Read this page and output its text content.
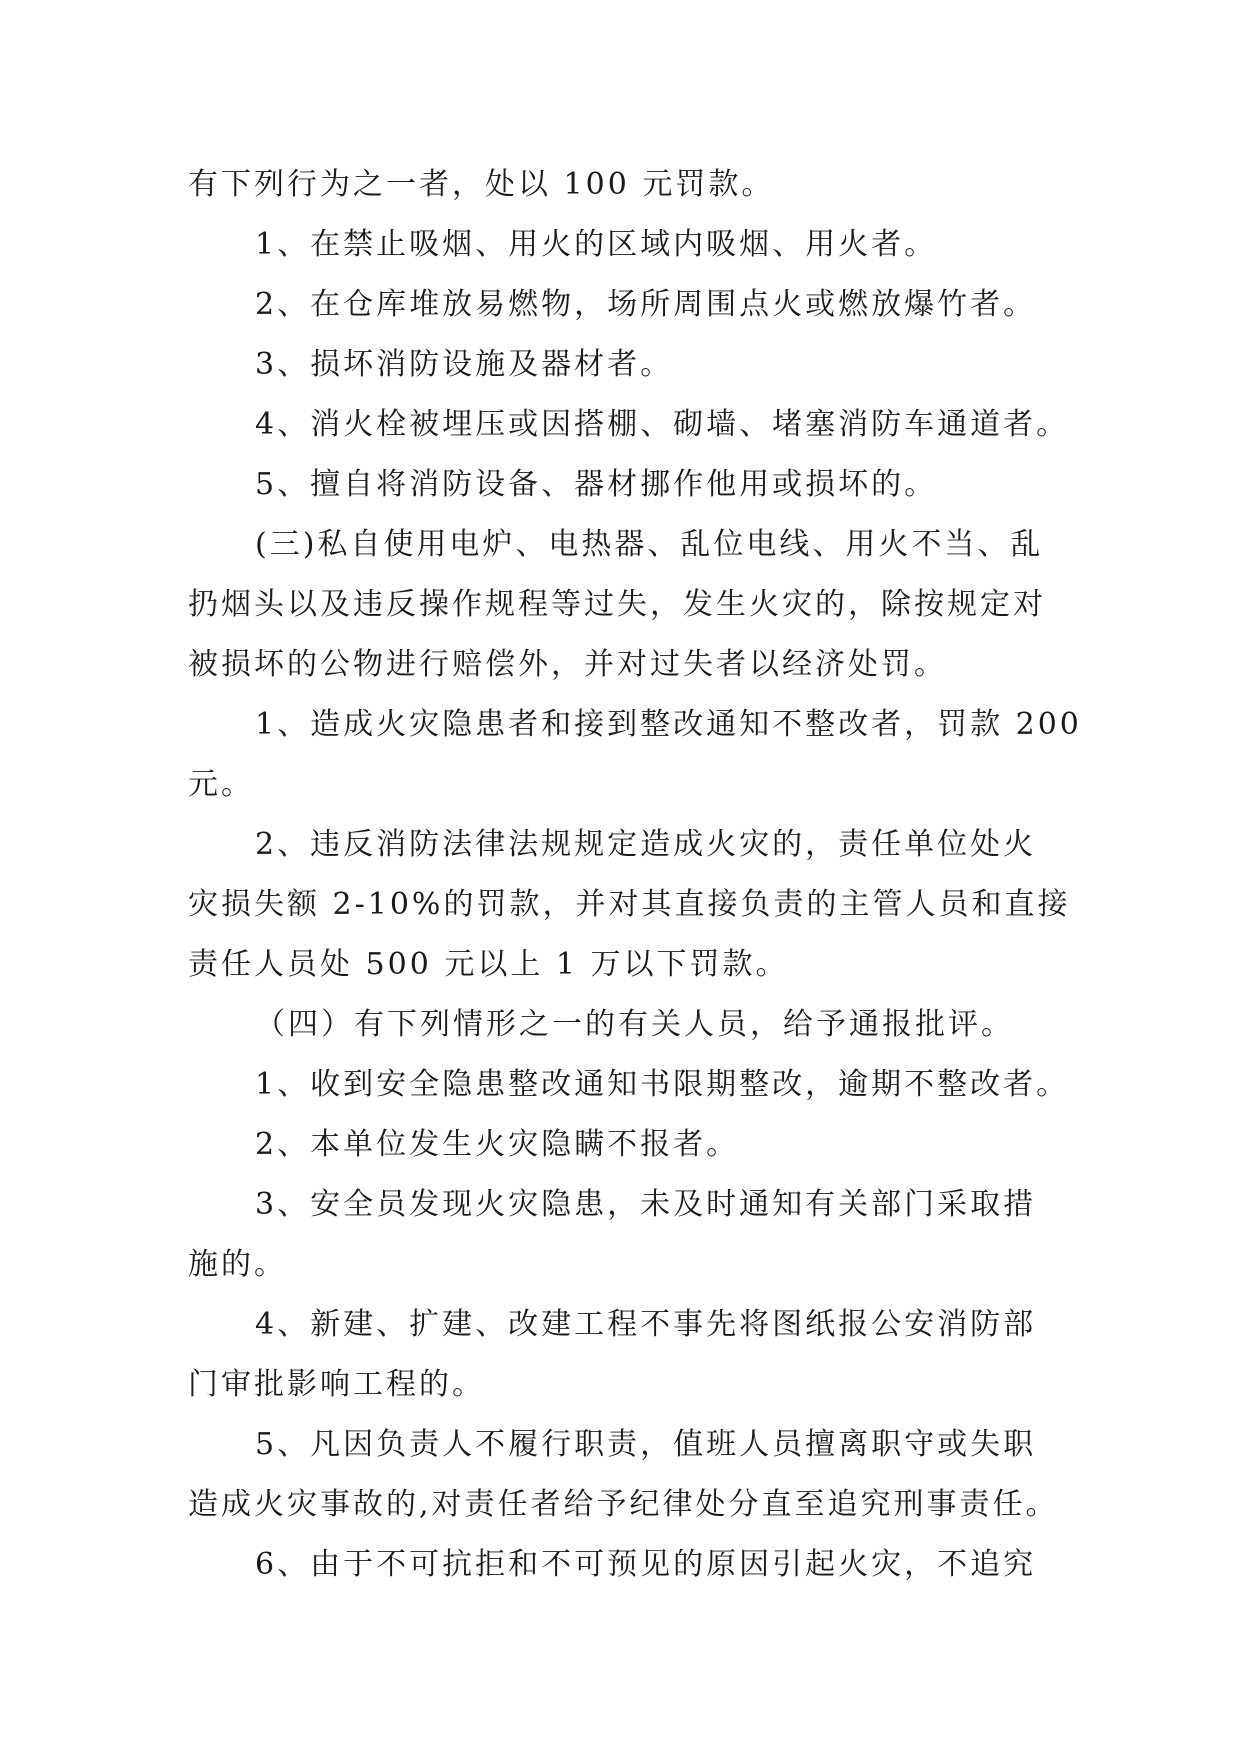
有下列行为之一者，处以 100 元罚款。
1、在禁止吸烟、用火的区域内吸烟、用火者。
2、在仓库堆放易燃物，场所周围点火或燃放爆竹者。
3、损坏消防设施及器材者。
4、消火栓被埋压或因搭棚、砌墙、堵塞消防车通道者。
5、擅自将消防设备、器材挪作他用或损坏的。
(三)私自使用电炉、电热器、乱位电线、用火不当、乱
扔烟头以及违反操作规程等过失，发生火灾的，除按规定对
被损坏的公物进行赔偿外，并对过失者以经济处罚。
1、造成火灾隐患者和接到整改通知不整改者，罚款 200
元。
2、违反消防法律法规规定造成火灾的，责任单位处火
灾损失额 2-10%的罚款，并对其直接负责的主管人员和直接
责任人员处 500 元以上 1 万以下罚款。
（四）有下列情形之一的有关人员，给予通报批评。
1、收到安全隐患整改通知书限期整改，逾期不整改者。
2、本单位发生火灾隐瞒不报者。
3、安全员发现火灾隐患，未及时通知有关部门采取措
施的。
4、新建、扩建、改建工程不事先将图纸报公安消防部
门审批影响工程的。
5、凡因负责人不履行职责，值班人员擅离职守或失职
造成火灾事故的,对责任者给予纪律处分直至追究刑事责任。
6、由于不可抗拒和不可预见的原因引起火灾，不追究
